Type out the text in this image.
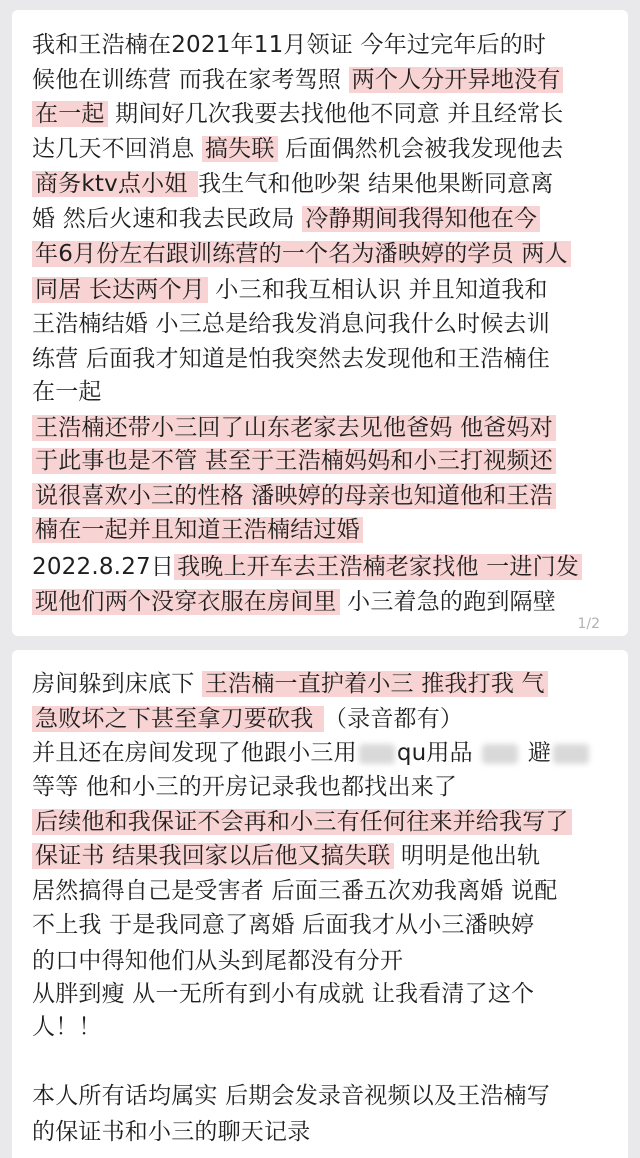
我和王浩楠在2021年11月领证 今年过完年后的时
候他在训练营 而我在家考驾照 两个人分开异地没有
在一起 期间好几次我要去找他他不同意 并且经常长
达几天不回消息 搞失联 后面偶然机会被我发现他去
商务ktv点小姐 我生气和他吵架 结果他果断同意离
婚 然后火速和我去民政局 冷静期间我得知他在今
年6月份左右跟训练营的一个名为潘映婷的学员 两人
同居 长达两个月 小三和我互相认识 并且知道我和
王浩楠结婚 小三总是给我发消息问我什么时候去训
练营 后面我才知道是怕我突然去发现他和王浩楠住
在一起
王浩楠还带小三回了山东老家去见他爸妈 他爸妈对
于此事也是不管 甚至于王浩楠妈妈和小三打视频还
说很喜欢小三的性格 潘映婷的母亲也知道他和王浩
楠在一起并且知道王浩楠结过婚
2022.8.27日 我晚上开车去王浩楠老家找他 一进门发
现他们两个没穿衣服在房间里 小三着急的跑到隔壁
1/2
房间躲到床底下 王浩楠一直护着小三 推我打我 气
急败坏之下甚至拿刀要砍我 （录音都有）
并且还在房间发现了他跟小三用 qu用品  避
等等 他和小三的开房记录我也都找出来了
后续他和我保证不会再和小三有任何往来并给我写了
保证书 结果我回家以后他又搞失联 明明是他出轨
居然搞得自己是受害者 后面三番五次劝我离婚 说配
不上我 于是我同意了离婚 后面我才从小三潘映婷
的口中得知他们从头到尾都没有分开
从胖到瘦 从一无所有到小有成就 让我看清了这个
人！！
本人所有话均属实 后期会发录音视频以及王浩楠写
的保证书和小三的聊天记录
